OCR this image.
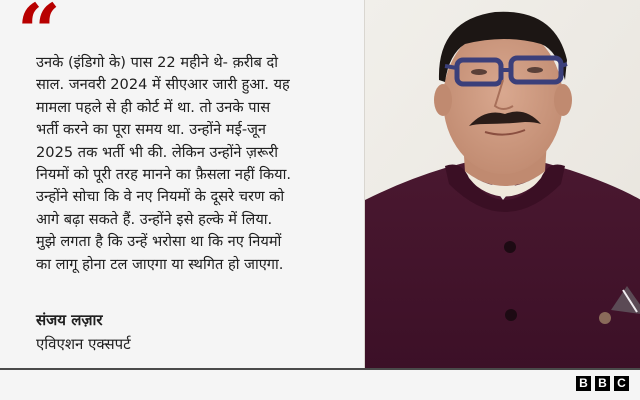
“

उनके (इंडिगो के) पास 22 महीने थे- क़रीब दो
साल. जनवरी 2024 में सीएआर जारी हुआ. यह
मामला पहले से ही कोर्ट में था. तो उनके पास
भर्ती करने का पूरा समय था. उन्होंने मई-जून
2025 तक भर्ती भी की. लेकिन उन्होंने ज़रूरी
नियमों को पूरी तरह मानने का फ़ैसला नहीं किया.
उन्होंने सोचा कि वे नए नियमों के दूसरे चरण को
आगे बढ़ा सकते हैं. उन्होंने इसे हल्के में लिया.
मुझे लगता है कि उन्हें भरोसा था कि नए नियमों
का लागू होना टल जाएगा या स्थगित हो जाएगा.

संजय लज़ार
एविएशन एक्सपर्ट
B B C
